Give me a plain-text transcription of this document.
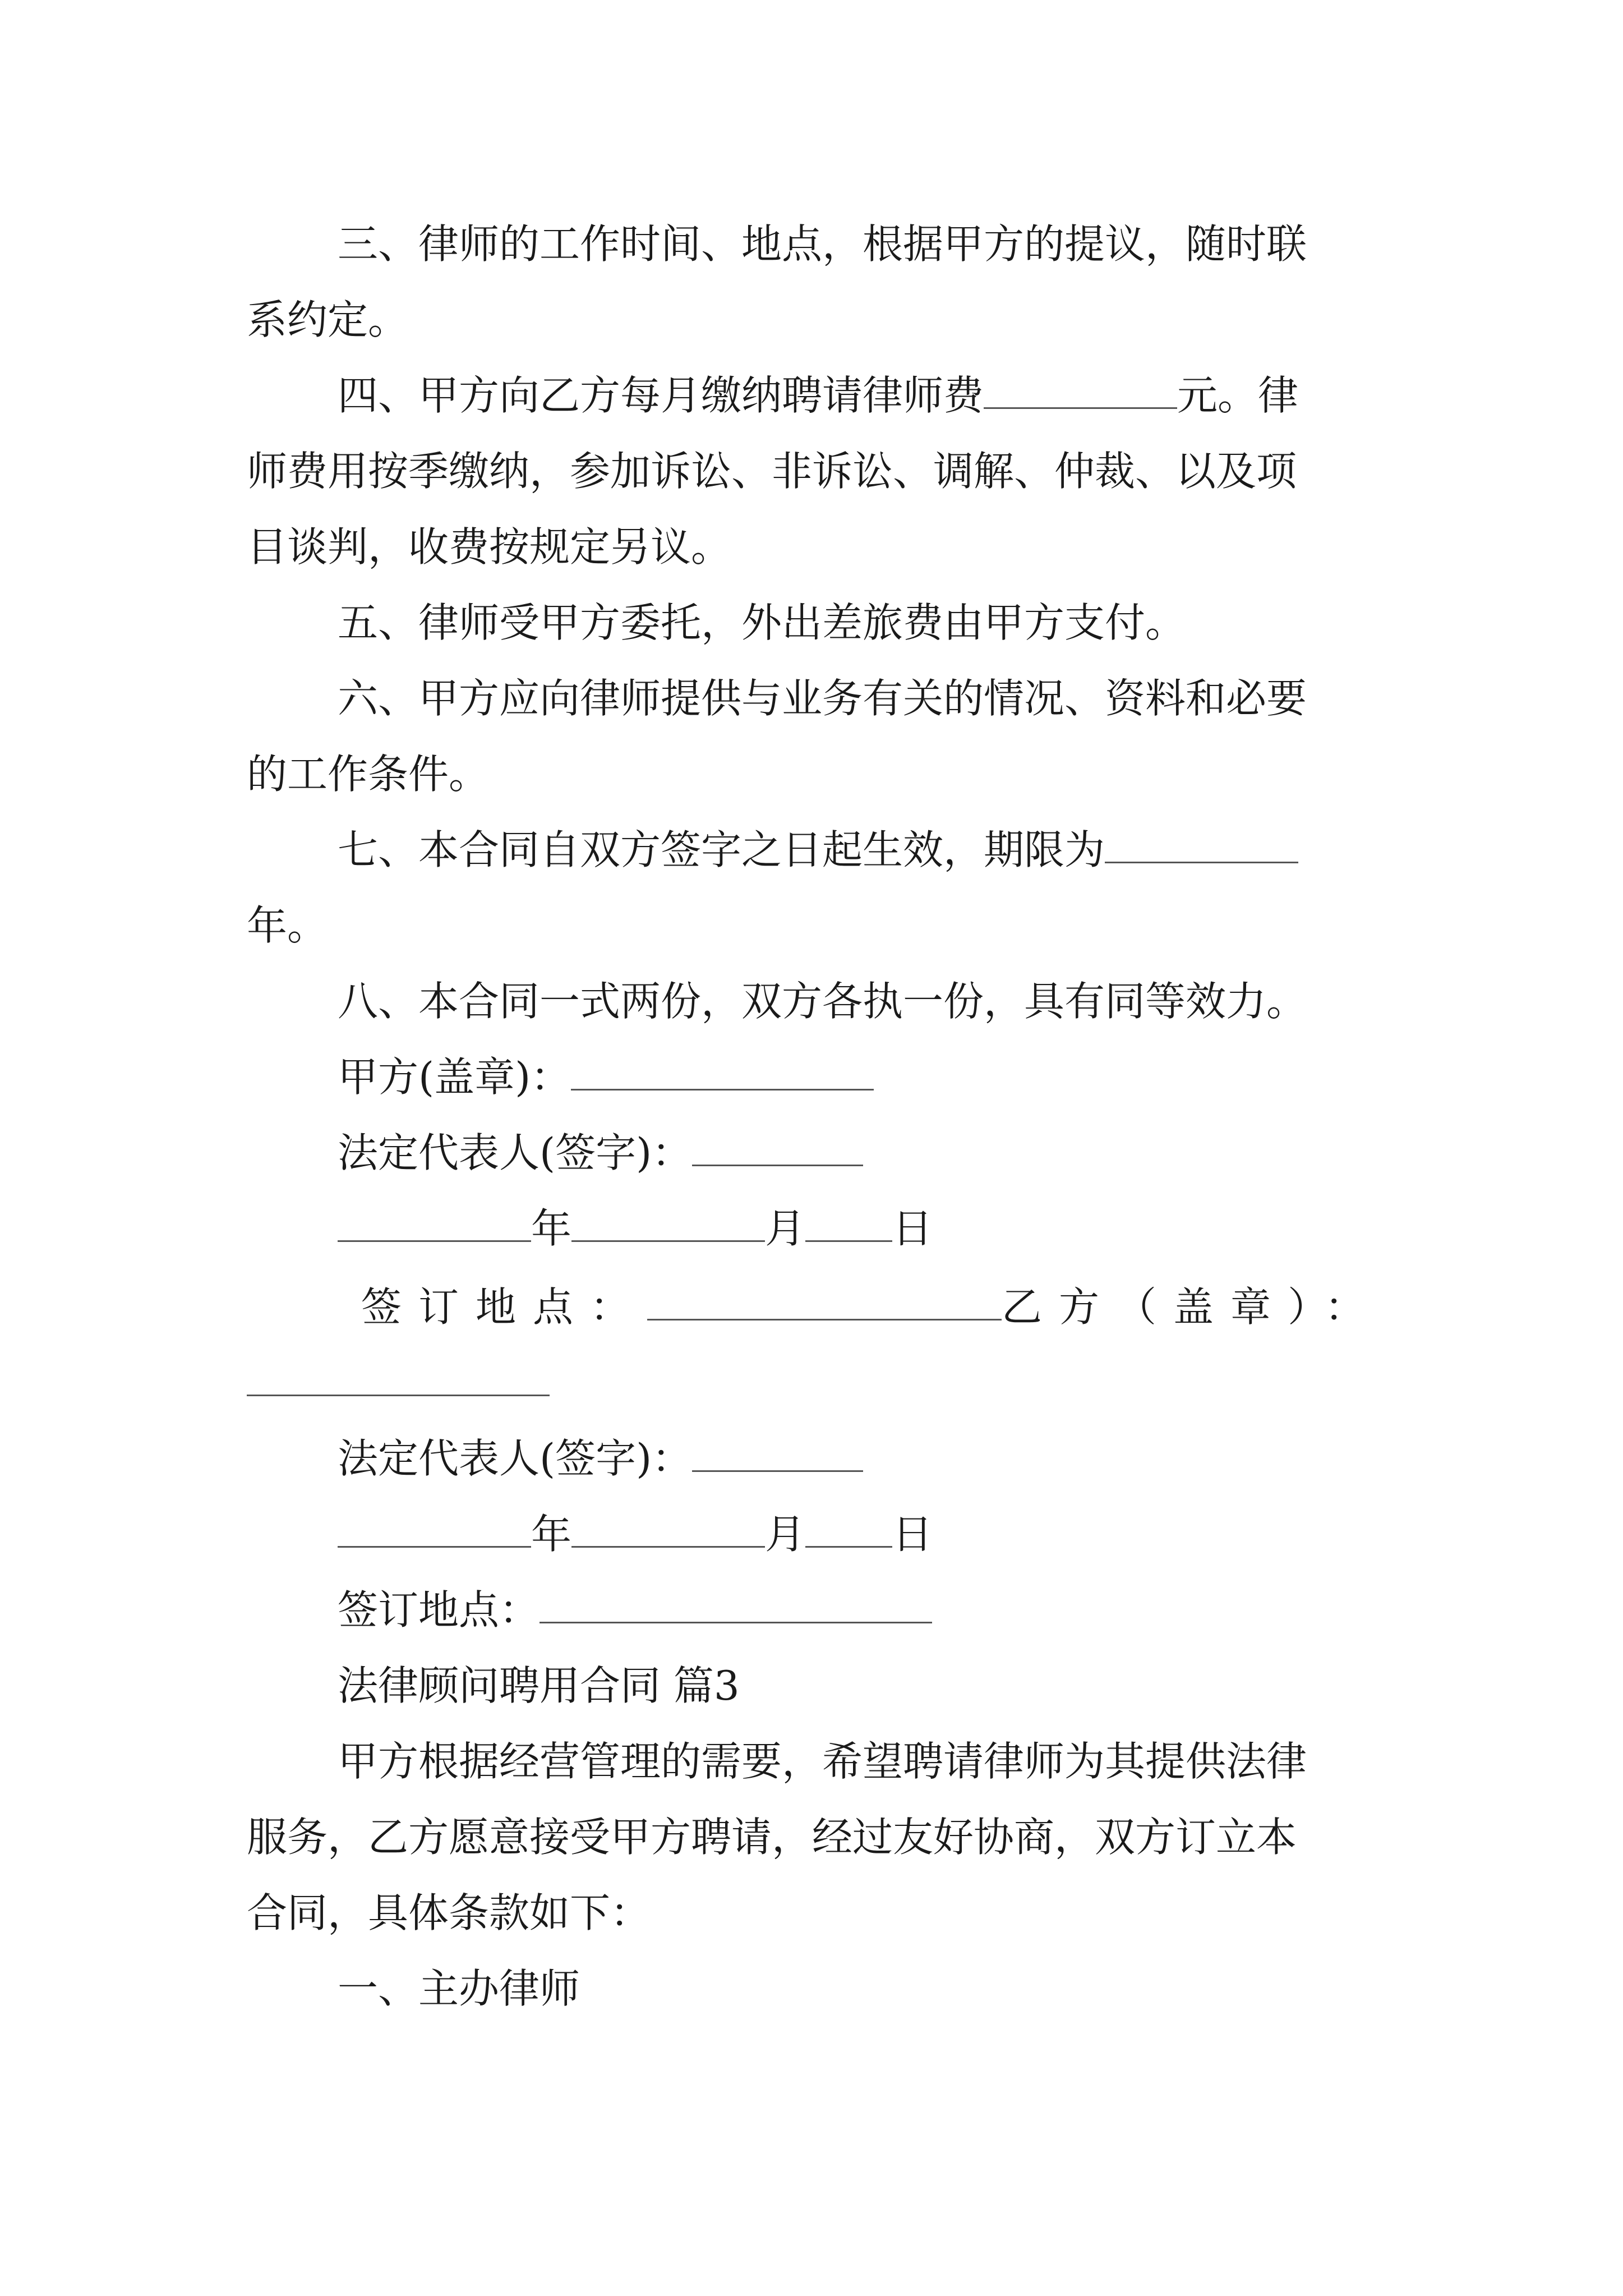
三、律师的工作时间、地点，根据甲方的提议，随时联
系约定。
四、甲方向乙方每月缴纳聘请律师费	元。律
师费用按季缴纳，参加诉讼、非诉讼、调解、仲裁、以及项
目谈判，收费按规定另议。
五、律师受甲方委托，外出差旅费由甲方支付。
六、甲方应向律师提供与业务有关的情况、资料和必要
的工作条件。
七、本合同自双方签字之日起生效，期限为
年。
八、本合同一式两份，双方各执一份，具有同等效力。
甲方(盖章)：
法定代表人(签字)：
年	月 日
签订地点：	乙方（盖章）：
法定代表人(签字)：
年	月 日
签订地点：
法律顾问聘用合同 篇3
甲方根据经营管理的需要，希望聘请律师为其提供法律
服务，乙方愿意接受甲方聘请，经过友好协商，双方订立本
合同，具体条款如下：
一、主办律师
